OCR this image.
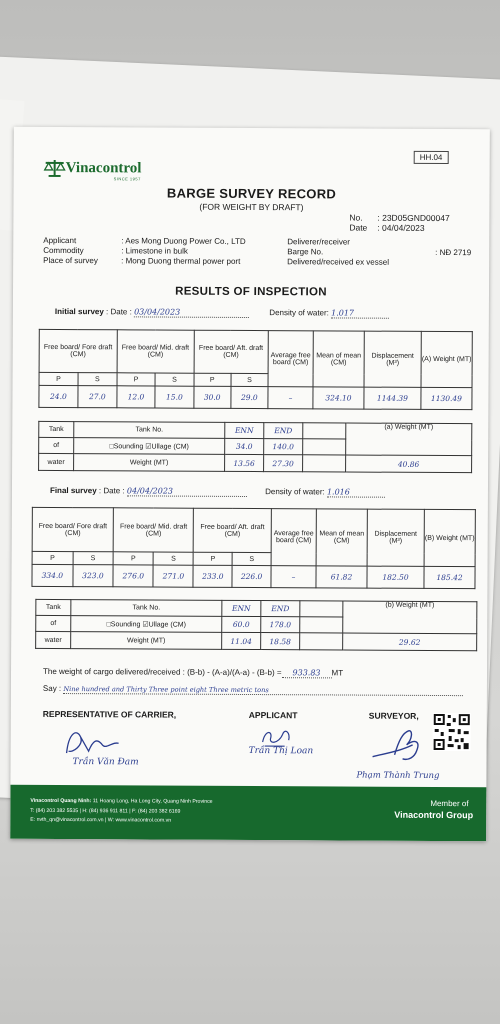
HH.04
Vinacontrol
SINCE 1957
BARGE SURVEY RECORD
(FOR WEIGHT BY DRAFT)
No. : 23D05GND00047
Date : 04/04/2023
Applicant	: Aes Mong Duong Power Co., LTD
Commodity	: Limestone in bulk
Place of survey	: Mong Duong thermal power port
Deliverer/receiver
Barge No.	: NĐ 2719
Delivered/received ex vessel
RESULTS OF INSPECTION
Initial survey : Date : 03/04/2023	Density of water: 1.017
Free board/ Fore draft (CM)		Free board/ Mid. draft (CM)		Free board/ Aft. draft (CM)		Average free board (CM)	Mean of mean (CM)	Displacement (M³)	(A) Weight (MT)
P	S	P	S	P	S				
24.0	27.0	12.0	15.0	30.0	29.0	–	324.10	1144.39	1130.49
Tank	Tank No.	ENN	END		(a) Weight (MT)
of	□Sounding ☑Ullage (CM)	34.0	140.0		
water	Weight (MT)	13.56	27.30		40.86
Final survey : Date : 04/04/2023	Density of water: 1.016
Free board/ Fore draft (CM)		Free board/ Mid. draft (CM)		Free board/ Aft. draft (CM)		Average free board (CM)	Mean of mean (CM)	Displacement (M³)	(B) Weight (MT)
P	S	P	S	P	S				
334.0	323.0	276.0	271.0	233.0	226.0	–	61.82	182.50	185.42
Tank	Tank No.	ENN	END		(b) Weight (MT)
of	□Sounding ☑Ullage (CM)	60.0	178.0		
water	Weight (MT)	11.04	18.58		29.62
The weight of cargo delivered/received : (B-b) - (A-a)/(A-a) - (B-b) = 933.83 MT
Say : Nine hundred and Thirty Three point eight Three metric tons
REPRESENTATIVE OF CARRIER,	APPLICANT	SURVEYOR,
Trần Văn Đam
Trần Thị Loan
Phạm Thành Trung
Vinacontrol Quang Ninh: 11 Hoang Long, Ha Long City, Quang Ninh Province
T: (84) 203 382 5535 | H: (84) 936 911 811 | F: (84) 203 382 6169
E: nvth_qn@vinacontrol.com.vn | W: www.vinacontrol.com.vn
Member of
Vinacontrol Group
